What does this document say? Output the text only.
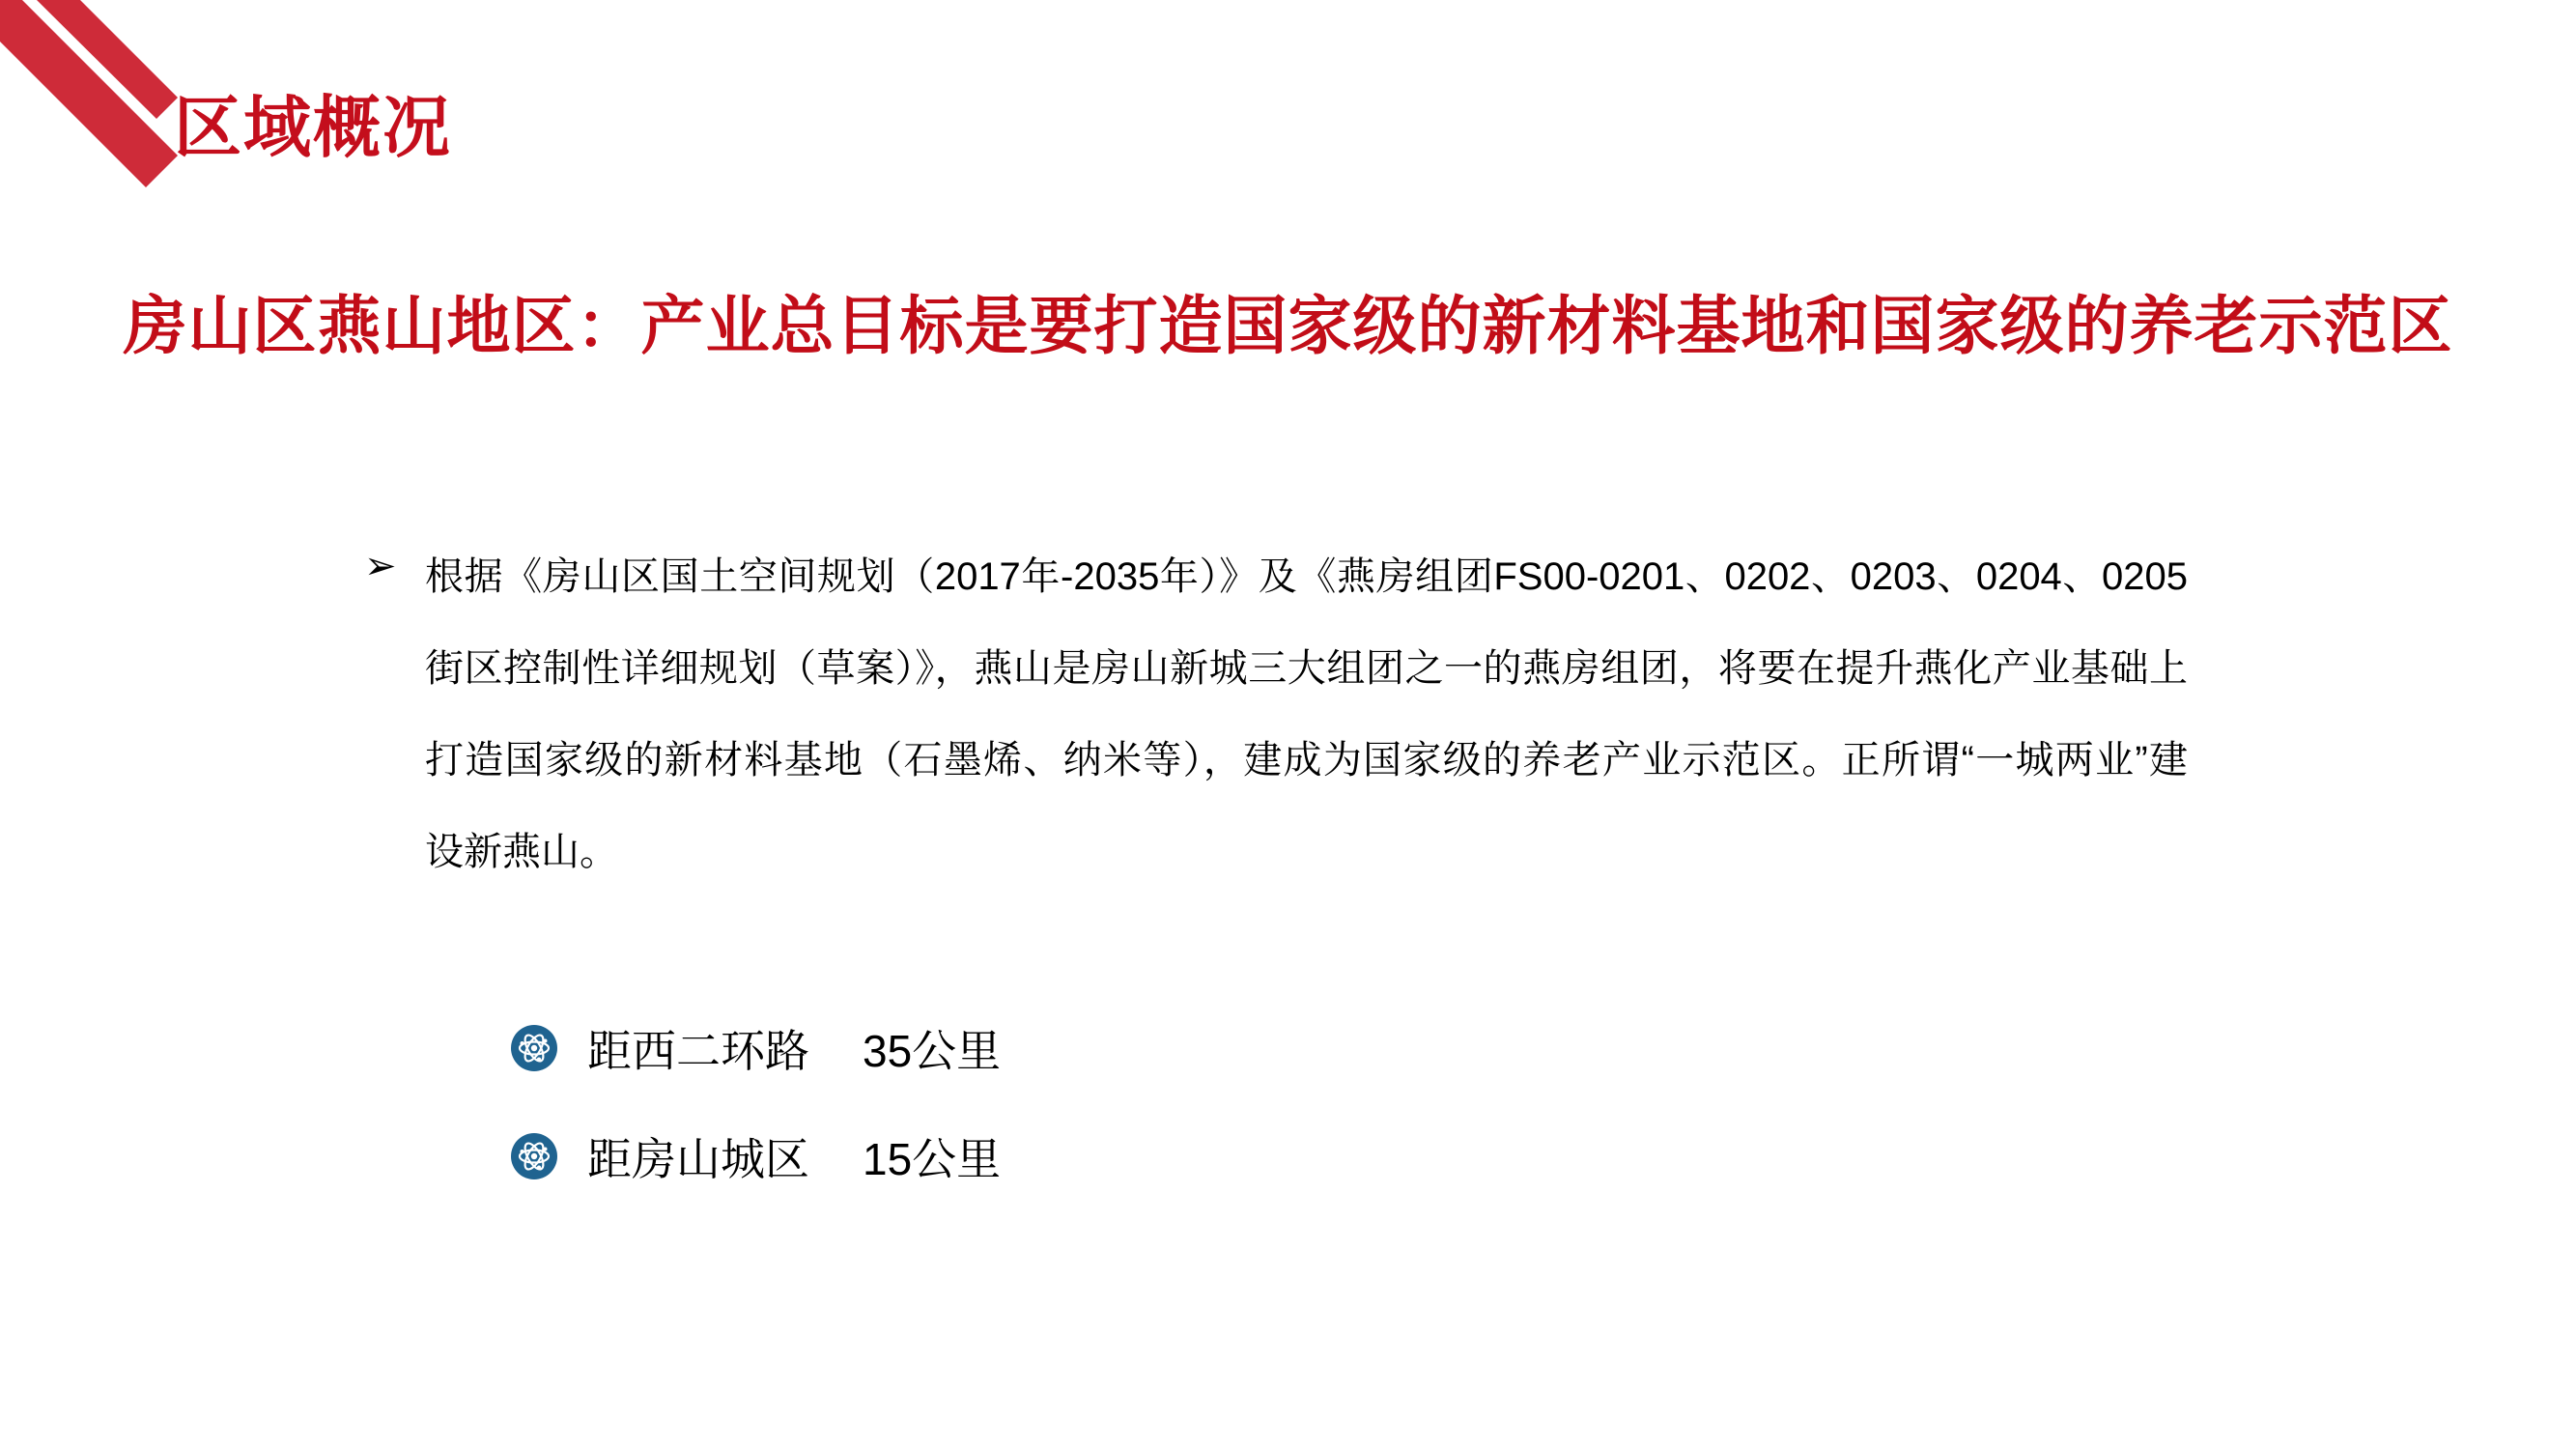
区域概况
房山区燕山地区：产业总目标是要打造国家级的新材料基地和国家级的养老示范区
➢ 根据《房山区国土空间规划（2017年-2035年）》及《燕房组团FS00-0201、0202、0203、0204、0205
街区控制性详细规划（草案）》，燕山是房山新城三大组团之一的燕房组团，将要在提升燕化产业基础上
打造国家级的新材料基地（石墨烯、纳米等），建成为国家级的养老产业示范区。正所谓“一城两业”建
设新燕山。
距西二环路	35公里
距房山城区	15公里
